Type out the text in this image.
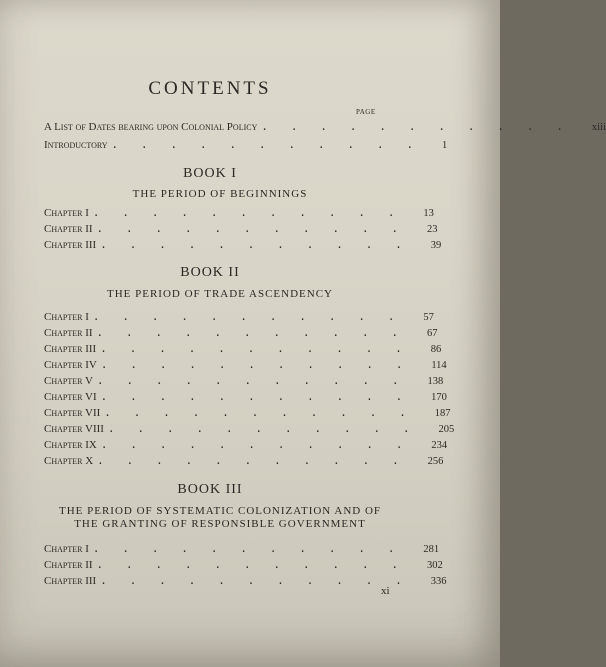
CONTENTS
PAGE
A List of Dates bearing upon Colonial Policy ........... xiii
Introductory ........... 1
BOOK I
THE PERIOD OF BEGINNINGS
Chapter I ........... 13
Chapter II ........... 23
Chapter III ........... 39
BOOK II
THE PERIOD OF TRADE ASCENDENCY
Chapter I ........... 57
Chapter II ........... 67
Chapter III ........... 86
Chapter IV ........... 114
Chapter V ........... 138
Chapter VI ........... 170
Chapter VII ........... 187
Chapter VIII ........... 205
Chapter IX ........... 234
Chapter X ........... 256
BOOK III
THE PERIOD OF SYSTEMATIC COLONIZATION AND OF
THE GRANTING OF RESPONSIBLE GOVERNMENT
Chapter I ........... 281
Chapter II ........... 302
Chapter III ........... 336
xi
